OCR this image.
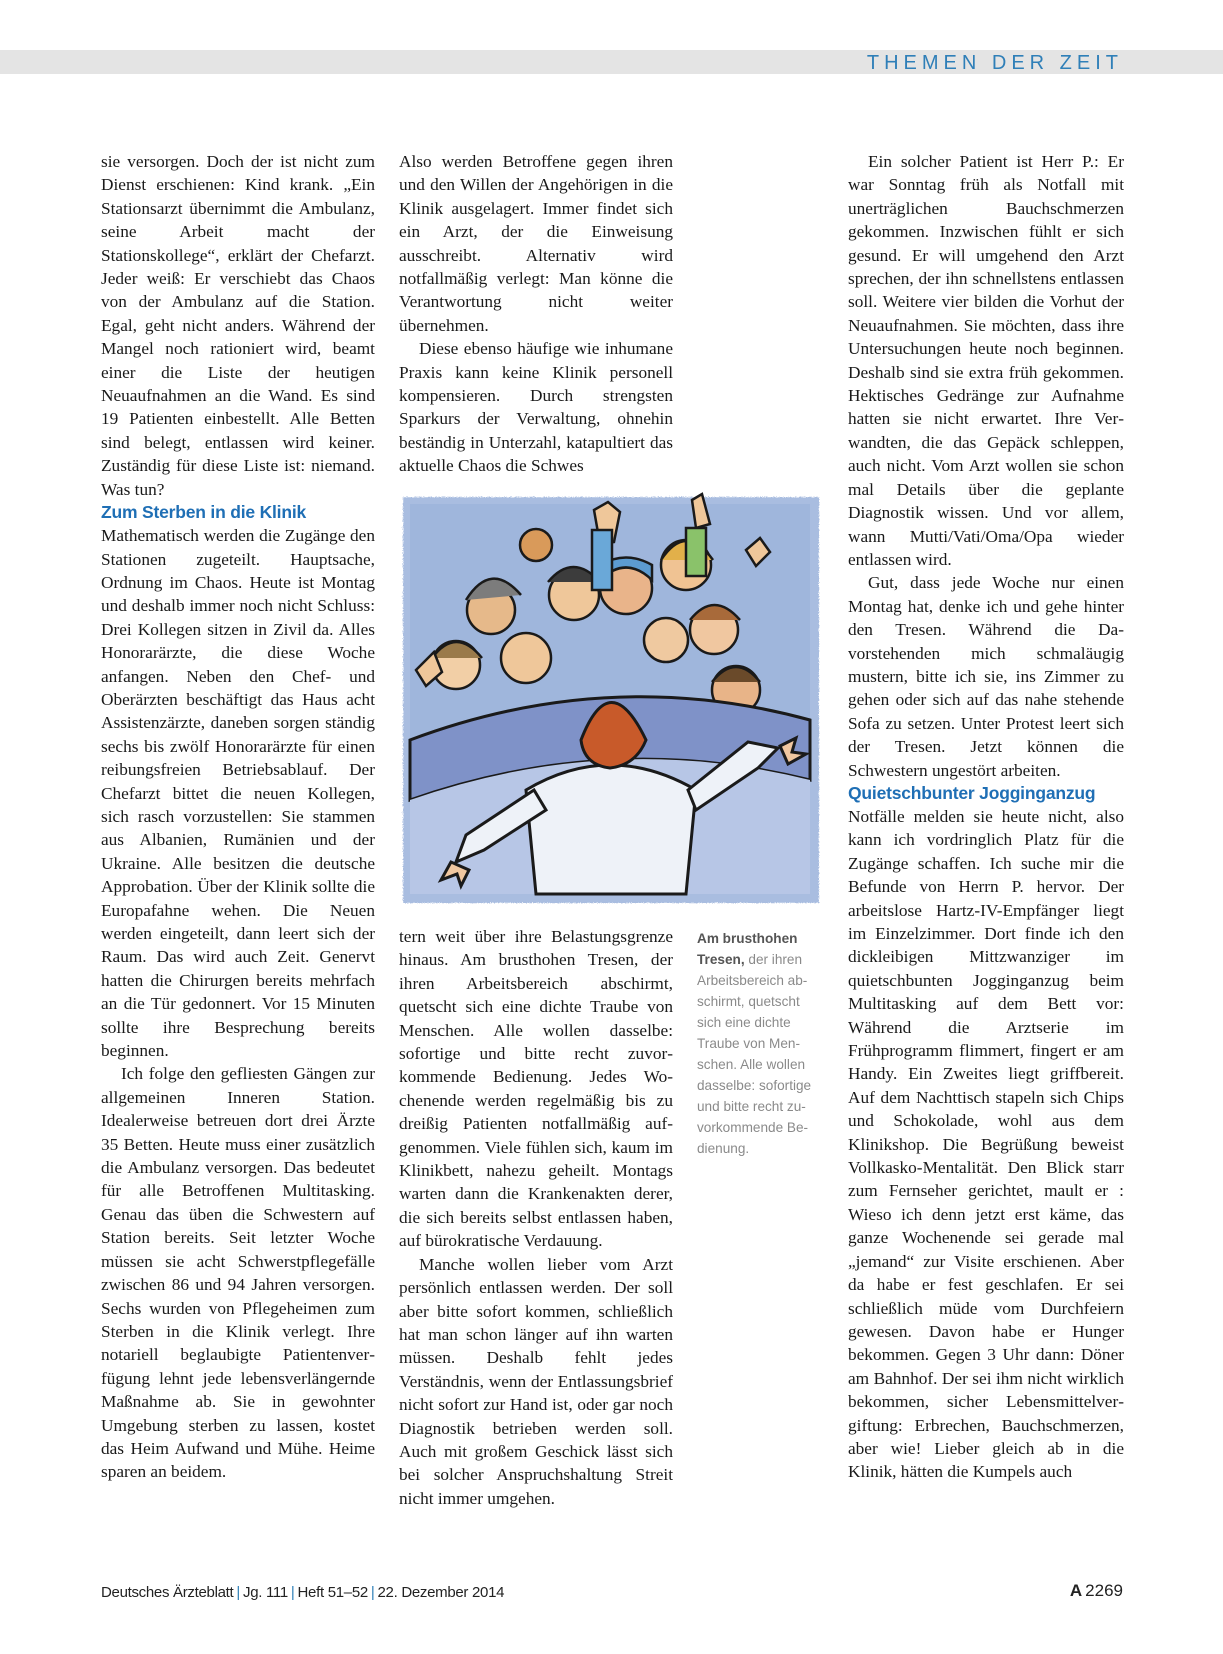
THEMEN DER ZEIT

sie versorgen. Doch der ist nicht zum Dienst erschienen: Kind krank. „Ein Stationsarzt übernimmt die Ambulanz, seine Arbeit macht der Stationskollege“, erklärt der Chefarzt. Jeder weiß: Er verschiebt das Chaos von der Ambulanz auf die Station. Egal, geht nicht anders. Während der Mangel noch rationiert wird, beamt einer die Liste der heutigen Neuaufnahmen an die Wand. Es sind 19 Patienten einbestellt. Alle Betten sind belegt, entlassen wird keiner. Zuständig für diese Liste ist: niemand. Was tun?

Zum Sterben in die Klinik

Mathematisch werden die Zugänge den Stationen zugeteilt. Hauptsache, Ordnung im Chaos. Heute ist Montag und deshalb immer noch nicht Schluss: Drei Kollegen sitzen in Zivil da. Alles Honorarärzte, die diese Woche anfangen. Neben den Chef- und Oberärzten beschäftigt das Haus acht Assistenzärzte, daneben sorgen ständig sechs bis zwölf Honorarärzte für einen reibungsfreien Betriebsablauf. Der Chefarzt bittet die neuen Kollegen, sich rasch vorzustellen: Sie stammen aus Albanien, Rumänien und der Ukraine. Alle besitzen die deutsche Approbation. Über der Klinik sollte die Europafahne wehen. Die Neuen werden eingeteilt, dann leert sich der Raum. Das wird auch Zeit. Genervt hatten die Chirurgen bereits mehrfach an die Tür gedonnert. Vor 15 Minuten sollte ihre Besprechung bereits beginnen.

Ich folge den gefliesten Gängen zur allgemeinen Inneren Station. Idealerweise betreuen dort drei Ärzte 35 Betten. Heute muss einer zusätzlich die Ambulanz versorgen. Das bedeutet für alle Betroffenen Multitasking. Genau das üben die Schwestern auf Station bereits. Seit letzter Woche müssen sie acht Schwerstpflegefälle zwischen 86 und 94 Jahren versorgen. Sechs wurden von Pflegeheimen zum Sterben in die Klinik verlegt. Ihre notariell beglaubigte Patientenverfügung lehnt jede lebensverlängernde Maßnahme ab. Sie in gewohnter Umgebung sterben zu lassen, kostet das Heim Aufwand und Mühe. Heime sparen an beidem.

Also werden Betroffene gegen ihren und den Willen der Angehörigen in die Klinik ausgelagert. Immer findet sich ein Arzt, der die Einweisung ausschreibt. Alternativ wird notfallmäßig verlegt: Man könne die Verantwortung nicht weiter übernehmen.

Diese ebenso häufige wie inhumane Praxis kann keine Klinik personell kompensieren. Durch strengsten Sparkurs der Verwaltung, ohnehin beständig in Unterzahl, katapultiert das aktuelle Chaos die Schwes

Am brusthohen Tresen, der ihren Arbeitsbereich abschirmt, quetscht sich eine dichte Traube von Menschen. Alle wollen dasselbe: sofortige und bitte recht zuvorkommende Bedienung.

tern weit über ihre Belastungsgrenze hinaus. Am brusthohen Tresen, der ihren Arbeitsbereich abschirmt, quetscht sich eine dichte Traube von Menschen. Alle wollen dasselbe: sofortige und bitte recht zuvorkommende Bedienung. Jedes Wochenende werden regelmäßig bis zu dreißig Patienten notfallmäßig aufgenommen. Viele fühlen sich, kaum im Klinikbett, nahezu geheilt. Montags warten dann die Krankenakten derer, die sich bereits selbst entlassen haben, auf bürokratische Verdauung.

Manche wollen lieber vom Arzt persönlich entlassen werden. Der soll aber bitte sofort kommen, schließlich hat man schon länger auf ihn warten müssen. Deshalb fehlt jedes Verständnis, wenn der Entlassungsbrief nicht sofort zur Hand ist, oder gar noch Diagnostik betrieben werden soll. Auch mit großem Geschick lässt sich bei solcher Anspruchshaltung Streit nicht immer umgehen.

Ein solcher Patient ist Herr P.: Er war Sonntag früh als Notfall mit unerträglichen Bauchschmerzen gekommen. Inzwischen fühlt er sich gesund. Er will umgehend den Arzt sprechen, der ihn schnellstens entlassen soll. Weitere vier bilden die Vorhut der Neuaufnahmen. Sie möchten, dass ihre Untersuchungen heute noch beginnen. Deshalb sind sie extra früh gekommen. Hektisches Gedränge zur Aufnahme hatten sie nicht erwartet. Ihre Verwandten, die das Gepäck schleppen, auch nicht. Vom Arzt wollen sie schon mal Details über die geplante Diagnostik wissen. Und vor allem, wann Mutti/Vati/Oma/Opa wieder entlassen wird.

Gut, dass jede Woche nur einen Montag hat, denke ich und gehe hinter den Tresen. Während die Davorstehenden mich schmaläugig mustern, bitte ich sie, ins Zimmer zu gehen oder sich auf das nahe stehende Sofa zu setzen. Unter Protest leert sich der Tresen. Jetzt können die Schwestern ungestört arbeiten.

Quietschbunter Jogginganzug

Notfälle melden sie heute nicht, also kann ich vordringlich Platz für die Zugänge schaffen. Ich suche mir die Befunde von Herrn P. hervor. Der arbeitslose Hartz-IV-Empfänger liegt im Einzelzimmer. Dort finde ich den dickleibigen Mittzwanziger im quietschbunten Jogginganzug beim Multitasking auf dem Bett vor: Während die Arztserie im Frühprogramm flimmert, fingert er am Handy. Ein Zweites liegt griffbereit. Auf dem Nachttisch stapeln sich Chips und Schokolade, wohl aus dem Klinikshop. Die Begrüßung beweist Vollkasko-Mentalität. Den Blick starr zum Fernseher gerichtet, mault er : Wieso ich denn jetzt erst käme, das ganze Wochenende sei gerade mal „jemand“ zur Visite erschienen. Aber da habe er fest geschlafen. Er sei schließlich müde vom Durchfeiern gewesen. Davon habe er Hunger bekommen. Gegen 3 Uhr dann: Döner am Bahnhof. Der sei ihm nicht wirklich bekommen, sicher Lebensmittelvergiftung: Erbrechen, Bauchschmerzen, aber wie! Lieber gleich ab in die Klinik, hätten die Kumpels auch

Deutsches Ärzteblatt | Jg. 111 | Heft 51–52 | 22. Dezember 2014	A 2269
